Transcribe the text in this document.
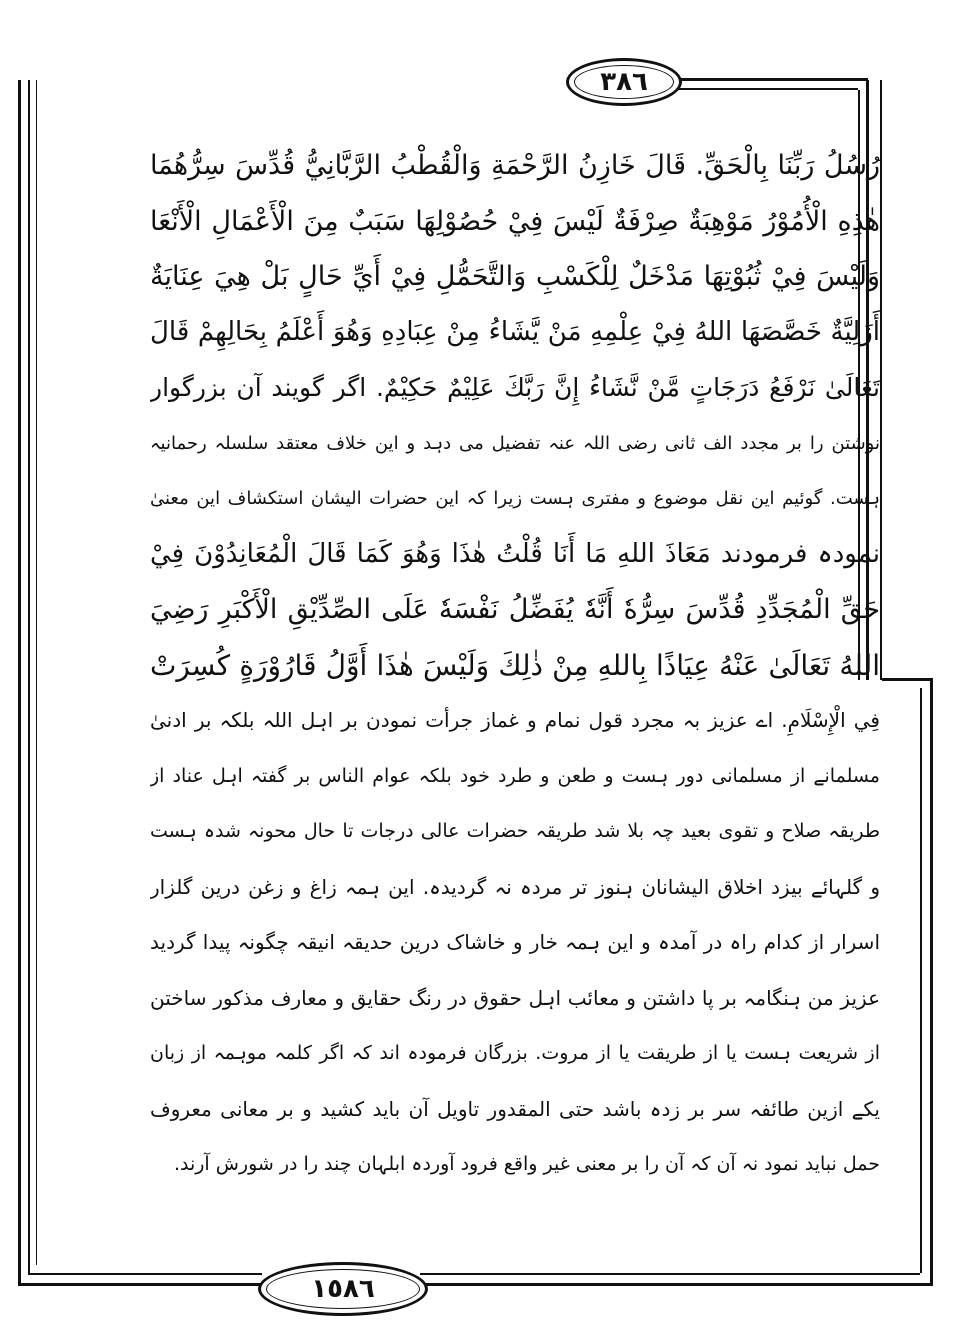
٣٨٦
١٥٨٦
رُسُلُ رَبِّنَا بِالْحَقِّ. قَالَ خَازِنُ الرَّحْمَةِ وَالْقُطْبُ الرَّبَّانِيُّ قُدِّسَ سِرُّهُمَا
هٰذِهِ الْأُمُوْرُ مَوْهِبَةٌ صِرْفَةٌ لَيْسَ فِيْ حُصُوْلِهَا سَبَبٌ مِنَ الْأَعْمَالِ الْأَنْعَا
وَلَيْسَ فِيْ ثُبُوْتِهَا مَدْخَلٌ لِلْكَسْبِ وَالتَّحَمُّلِ فِيْ أَيِّ حَالٍ بَلْ هِيَ عِنَايَةٌ
أَزَلِيَّةٌ خَصَّصَهَا اللهُ فِيْ عِلْمِهِ مَنْ يَّشَاءُ مِنْ عِبَادِهِ وَهُوَ أَعْلَمُ بِحَالِهِمْ قَالَ
تَعَالَىٰ نَرْفَعُ دَرَجَاتٍ مَّنْ نَّشَاءُ إِنَّ رَبَّكَ عَلِيْمٌ حَكِيْمٌ. اگر گویند آن بزرگوار
نوشتن را بر مجدد الف ثانی رضی اللہ عنہ تفضیل می دہد و این خلاف معتقد سلسلہ رحمانیہ
ہست. گوئیم این نقل موضوع و مفتری ہست زیرا کہ این حضرات الیشان استکشاف این معنیٰ
نمودہ فرمودند مَعَاذَ اللهِ مَا أَنَا قُلْتُ هٰذَا وَهُوَ كَمَا قَالَ الْمُعَانِدُوْنَ فِيْ
حَقِّ الْمُجَدِّدِ قُدِّسَ سِرُّهٗ أَنَّهٗ يُفَضِّلُ نَفْسَهٗ عَلَى الصِّدِّيْقِ الْأَكْبَرِ رَضِيَ
اللهُ تَعَالَىٰ عَنْهُ عِيَاذًا بِاللهِ مِنْ ذٰلِكَ وَلَيْسَ هٰذَا أَوَّلُ قَارُوْرَةٍ كُسِرَتْ
فِي الْإِسْلَامِ. اے عزیز بہ مجرد قول نمام و غماز جرأت نمودن بر اہل اللہ بلکہ بر ادنیٰ
مسلمانے از مسلمانی دور ہست و طعن و طرد خود بلکہ عوام الناس بر گفتہ اہل عناد از
طریقہ صلاح و تقوی بعید چہ بلا شد طریقہ حضرات عالی درجات تا حال محونہ شدہ ہست
و گلہائے بیزد اخلاق الیشانان ہنوز تر مردہ نہ گردیدہ. این ہمہ زاغ و زغن درین گلزار
اسرار از کدام راہ در آمدہ و این ہمہ خار و خاشاک درین حدیقہ انیقہ چگونہ پیدا گردید
عزیز من ہنگامہ بر پا داشتن و معائب اہل حقوق در رنگ حقایق و معارف مذکور ساختن
از شریعت ہست یا از طریقت یا از مروت. بزرگان فرمودہ اند کہ اگر کلمہ موہمہ از زبان
یکے ازین طائفہ سر بر زدہ باشد حتی المقدور تاویل آن باید کشید و بر معانی معروف
حمل نباید نمود نہ آن کہ آن را بر معنی غیر واقع فرود آوردہ ابلہان چند را در شورش آرند.
